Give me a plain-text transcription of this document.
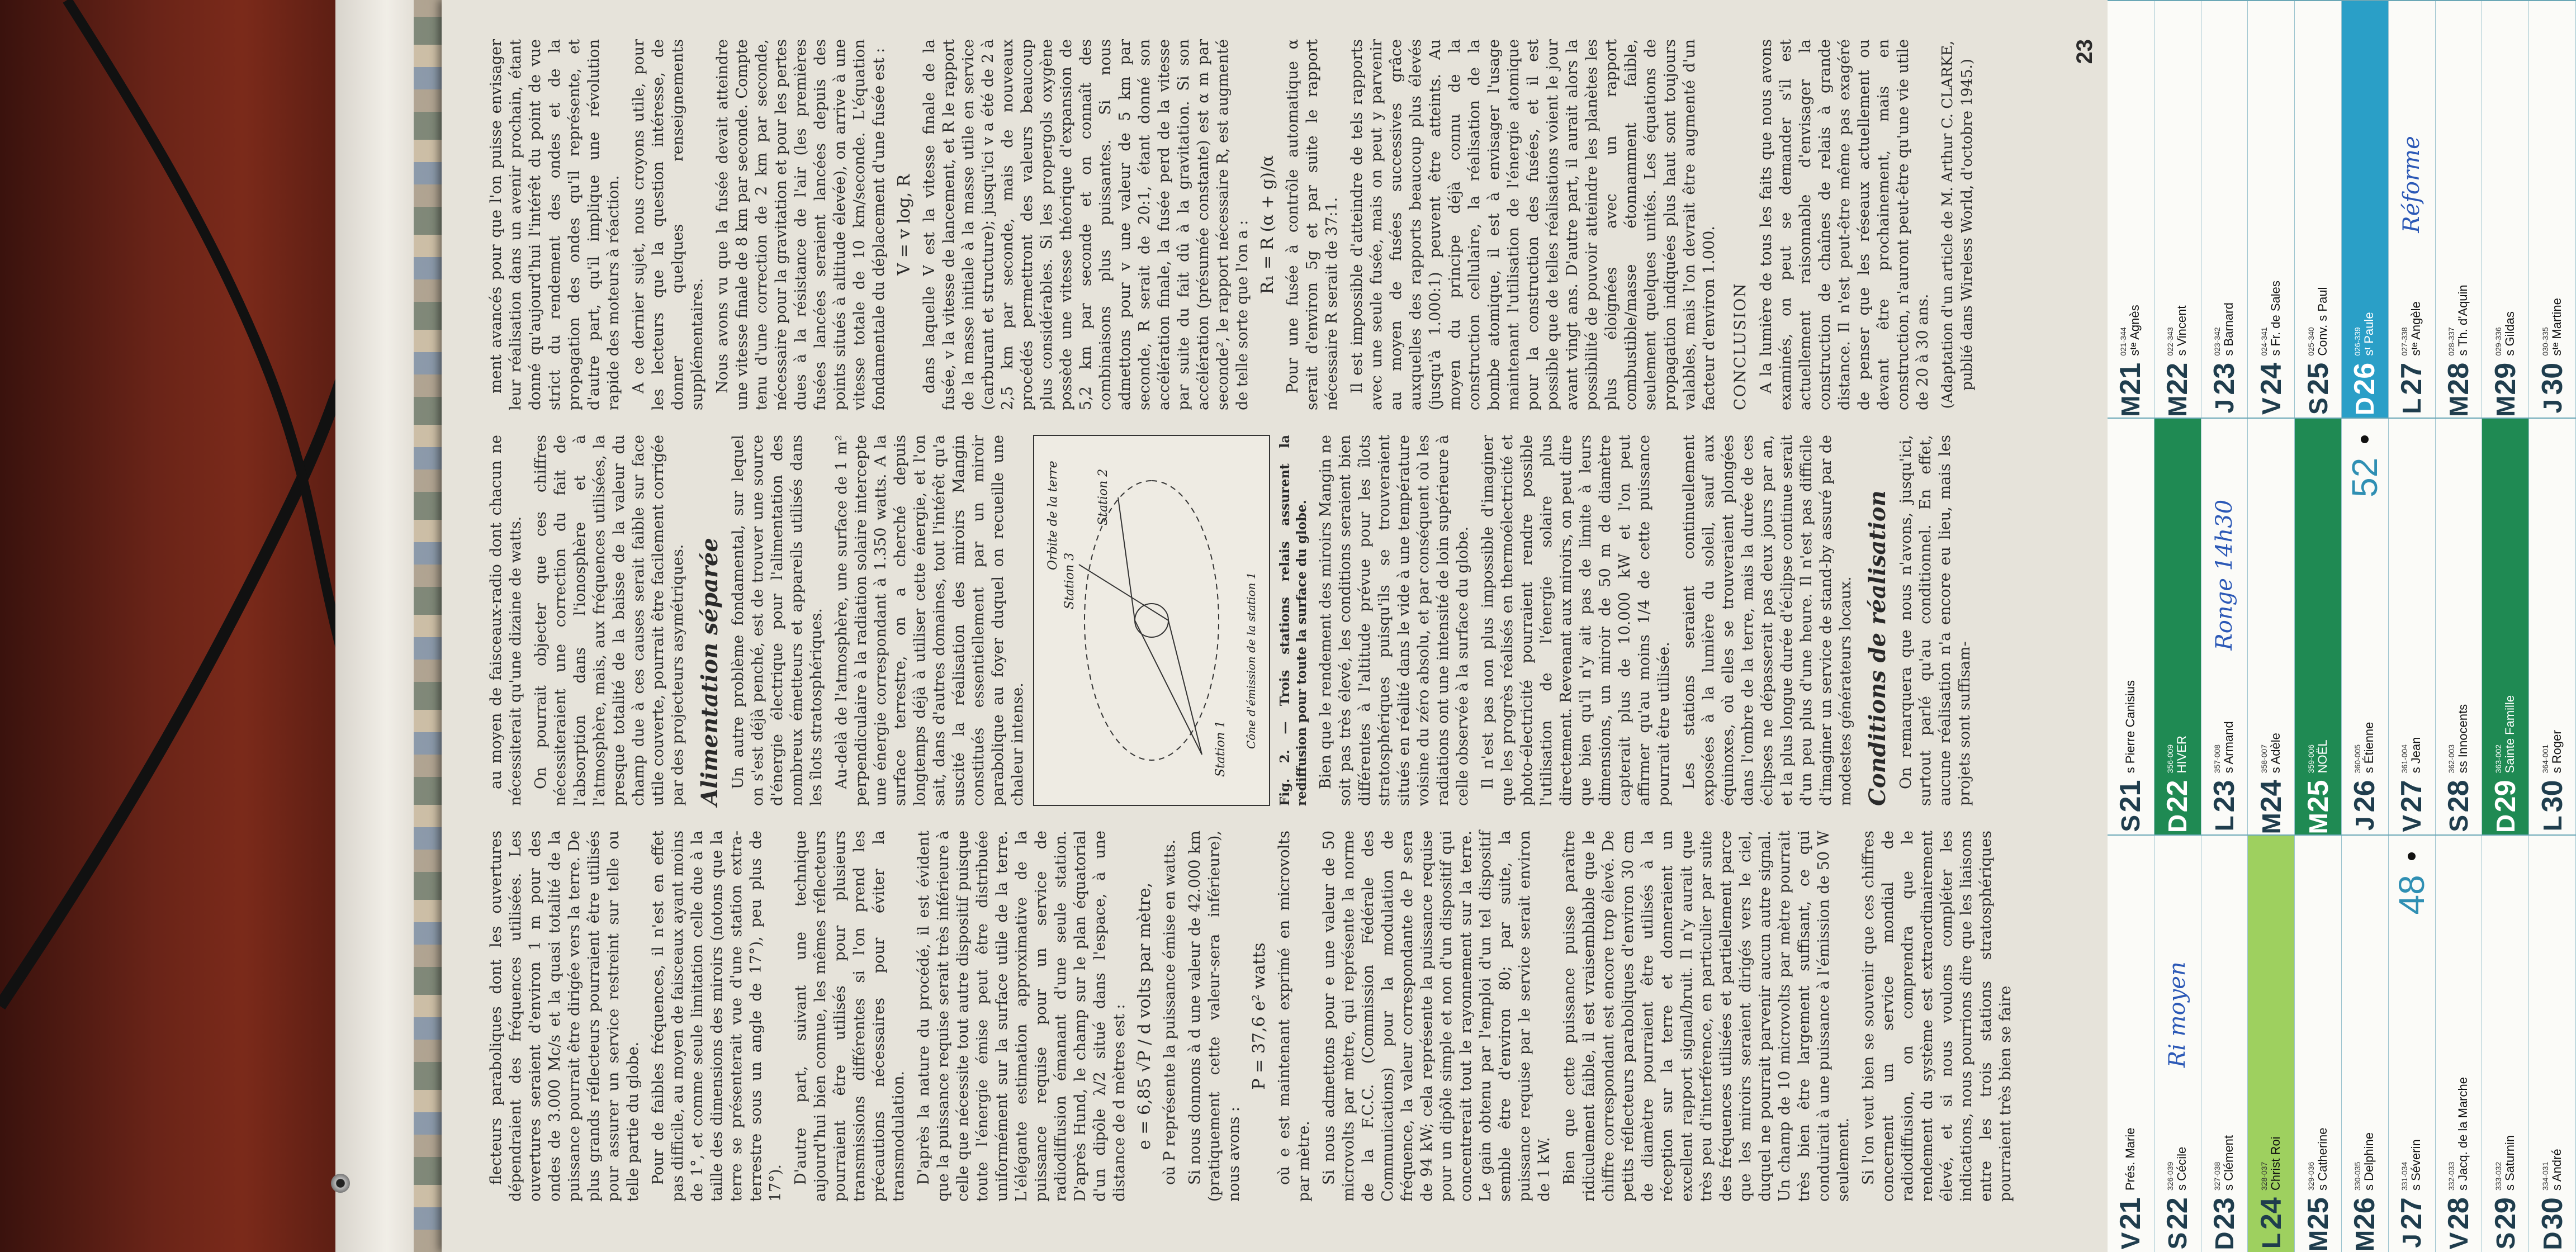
flecteurs paraboliques dont les ouvertures dépendraient des fréquences utilisées. Les ouvertures seraient d'environ 1 m pour des ondes de 3.000 Mc/s et la quasi totalité de la puissance pourrait être dirigée vers la terre. De plus grands réflecteurs pourraient être utilisés pour assurer un service restreint sur telle ou telle partie du globe. Pour de faibles fréquences, il n'est en effet pas difficile, au moyen de faisceaux ayant moins de 1°, et comme seule limitation celle due à la taille des dimensions des miroirs (notons que la terre se présenterait vue d'une station extra-terrestre sous un angle de 17°), peu plus de 17°). D'autre part, suivant une technique aujourd'hui bien connue, les mêmes réflecteurs pourraient être utilisés pour plusieurs transmissions différentes si l'on prend les précautions nécessaires pour éviter la transmodulation. D'après la nature du procédé, il est évident que la puissance requise serait très inférieure à celle que nécessite tout autre dispositif puisque toute l'énergie émise peut être distribuée uniformément sur la surface utile de la terre. L'élégante estimation approximative de la puissance requise pour un service de radiodiffusion émanant d'une seule station. D'après Hund, le champ sur le plan équatorial d'un dipôle λ/2 situé dans l'espace, à une distance de d mètres est : e = 6,85 √P / d volts par mètre, où P représente la puissance émise en watts. Si nous donnons à d une valeur de 42.000 km (pratiquement cette valeur-sera inférieure), nous avons :

P = 37,6 e² watts où e est maintenant exprimé en microvolts par mètre. Si nous admettons pour e une valeur de 50 microvolts par mètre, qui représente la norme de la F.C.C. (Commission Fédérale des Communications) pour la modulation de fréquence, la valeur correspondante de P sera de 94 kW; cela représente la puissance requise pour un dipôle simple et non d'un dispositif qui concentrerait tout le rayonnement sur la terre. Le gain obtenu par l'emploi d'un tel dispositif semble être d'environ 80; par suite, la puissance requise par le service serait environ de 1 kW. Bien que cette puissance puisse paraître ridiculement faible, il est vraisemblable que le chiffre correspondant est encore trop élevé. De petits réflecteurs paraboliques d'environ 30 cm de diamètre pourraient être utilisés à la réception sur la terre et donneraient un excellent rapport signal/bruit. Il n'y aurait que très peu d'interférence, en particulier par suite des fréquences utilisées et partiellement parce que les miroirs seraient dirigés vers le ciel, duquel ne pourrait parvenir aucun autre signal. Un champ de 10 microvolts par mètre pourrait très bien être largement suffisant, ce qui conduirait à une puissance à l'émission de 50 W seulement. Si l'on veut bien se souvenir que ces chiffres concernent un service mondial de radiodiffusion, on comprendra que le rendement du système est extraordinairement élevé, et si nous voulons compléter les indications, nous pourrions dire que les liaisons entre les trois stations stratosphériques pourraient très bien se faire

au moyen de faisceaux-radio dont chacun ne nécessiterait qu'une dizaine de watts. On pourrait objecter que ces chiffres nécessiteraient une correction du fait de l'absorption dans l'ionosphère et à l'atmosphère, mais, aux fréquences utilisées, la presque totalité de la baisse de la valeur du champ due à ces causes serait faible sur face utile couverte, pourrait être facilement corrigée par des projecteurs asymétriques. Alimentation séparée Un autre problème fondamental, sur lequel on s'est déjà penché, est de trouver une source d'énergie électrique pour l'alimentation des nombreux émetteurs et appareils utilisés dans les îlots stratosphériques. Au-delà de l'atmosphère, une surface de 1 m² perpendiculaire à la radiation solaire intercepte une énergie correspondant à 1.350 watts. A la surface terrestre, on a cherché depuis longtemps déjà à utiliser cette énergie, et l'on sait, dans d'autres domaines, tout l'intérêt qu'a suscité la réalisation des miroirs Mangin constitués essentiellement par un miroir parabolique au foyer duquel on recueille une chaleur intense.

Orbite de la terre
Station 3
Station 2
Station 1 Cône d'émission de la station 1 Fig. 2. — Trois stations relais assurent la rediffusion pour toute la surface du globe. Bien que le rendement des miroirs Mangin ne soit pas très élevé, les conditions seraient bien différentes à l'altitude prévue pour les îlots stratosphériques puisqu'ils se trouveraient situés en réalité dans le vide à une température voisine du zéro absolu, et par conséquent où les radiations ont une intensité de loin supérieure à celle observée à la surface du globe. Il n'est pas non plus impossible d'imaginer que les progrès réalisés en thermoélectricité et photo-électricité pourraient rendre possible l'utilisation de l'énergie solaire plus directement. Revenant aux miroirs, on peut dire que bien qu'il n'y ait pas de limite à leurs dimensions, un miroir de 50 m de diamètre capterait plus de 10.000 kW et l'on peut affirmer qu'au moins 1/4 de cette puissance pourrait être utilisée. Les stations seraient continuellement exposées à la lumière du soleil, sauf aux équinoxes, où elles se trouveraient plongées dans l'ombre de la terre, mais la durée de ces éclipses ne dépasserait pas deux jours par an, et la plus longue durée d'éclipse continue serait d'un peu plus d'une heure. Il n'est pas difficile d'imaginer un service de stand-by assuré par de modestes générateurs locaux. Conditions de réalisation On remarquera que nous n'avons, jusqu'ici, surtout parlé qu'au conditionnel. En effet, aucune réalisation n'a encore eu lieu, mais les projets sont suffisam-

ment avancés pour que l'on puisse envisager leur réalisation dans un avenir prochain, étant donné qu'aujourd'hui l'intérêt du point de vue strict du rendement des ondes et de la propagation des ondes qu'il représente, et d'autre part, qu'il implique une révolution rapide des moteurs à réaction. A ce dernier sujet, nous croyons utile, pour les lecteurs que la question intéresse, de donner quelques renseignements supplémentaires. Nous avons vu que la fusée devait atteindre une vitesse finale de 8 km par seconde. Compte tenu d'une correction de 2 km par seconde, nécessaire pour la gravitation et pour les pertes dues à la résistance de l'air (les premières fusées lancées seraient lancées depuis des points situés à altitude élevée), on arrive à une vitesse totale de 10 km/seconde. L'équation fondamentale du déplacement d'une fusée est : V = v log, R dans laquelle V est la vitesse finale de la fusée, v la vitesse de lancement, et R le rapport de la masse initiale à la masse utile en service (carburant et structure); jusqu'ici v a été de 2 à 2,5 km par seconde, mais de nouveaux procédés permettront des valeurs beaucoup plus considérables. Si les propergols oxygène possède une vitesse théorique d'expansion de 5,2 km par seconde et on connaît des combinaisons plus puissantes. Si nous admettons pour v une valeur de 5 km par seconde, R serait de 20:1, étant donné son accélération finale, la fusée perd de la vitesse par suite du fait dû à la gravitation. Si son accélération (présumée constante) est α m par seconde², le rapport nécessaire R, est augmenté de telle sorte que l'on a : R₁ = R (α + g)/α Pour une fusée à contrôle automatique α serait d'environ 5g et par suite le rapport nécessaire R serait de 37:1. Il est impossible d'atteindre de tels rapports avec une seule fusée, mais on peut y parvenir au moyen de fusées successives grâce auxquelles des rapports beaucoup plus élevés (jusqu'à 1.000:1) peuvent être atteints. Au moyen du principe déjà connu de la construction cellulaire, la réalisation de la bombe atomique, il est à envisager l'usage maintenant l'utilisation de l'énergie atomique pour la construction des fusées, et il est possible que de telles réalisations voient le jour avant vingt ans. D'autre part, il aurait alors la possibilité de pouvoir atteindre les planètes les plus éloignées avec un rapport combustible/masse étonnamment faible, seulement quelques unités. Les équations de propagation indiquées plus haut sont toujours valables, mais l'on devrait être augmenté d'un facteur d'environ 1.000. CONCLUSION A la lumière de tous les faits que nous avons examinés, on peut se demander s'il est actuellement raisonnable d'envisager la construction de chaînes de relais à grande distance. Il n'est peut-être même pas exagéré de penser que les réseaux actuellement ou devant être prochainement, mais en construction, n'auront peut-être qu'une vie utile de 20 à 30 ans. (Adaptation d'un article de M. Arthur C. CLARKE, publié dans Wireless World, d'octobre 1945.)

23
V
21
Prés. Marie
S
22
326-039 s Cécile
Ri moyen
D
23
327-038 s Clément
L
24
328-037 Christ Roi
M
25
329-036 s Catherine
M
26
330-035 s Delphine
J
27
331-034 s Séverin
48
V
28
332-033 s Jacq. de la Marche
S
29
333-032 s Saturnin
D
30
334-031 s André
S
21
s Pierre Canisius
D
22
356-009 HIVER
L
23
357-008 s Armand
Ronge 14h30
M
24
358-007 s Adèle
M
25
359-006 NOËL
J
26
360-005 s Étienne
52
V
27
361-004 s Jean
S
28
362-003 ss Innocents
D
29
363-002 Sainte Famille
L
30
364-001 s Roger
M
21
021-344 sᵗᵉ Agnès
M
22
022-343 s Vincent
J
23
023-342 s Barnard
V
24
024-341 s Fr. de Sales
S
25
025-340 Conv. s Paul
D
26
026-339 sᵗ Paule
L
27
027-338 sᵗᵉ Angèle
Réforme
M
28
028-337 s Th. d'Aquin
M
29
029-336 s Gildas
J
30
030-335 sᵗᵉ Martine
